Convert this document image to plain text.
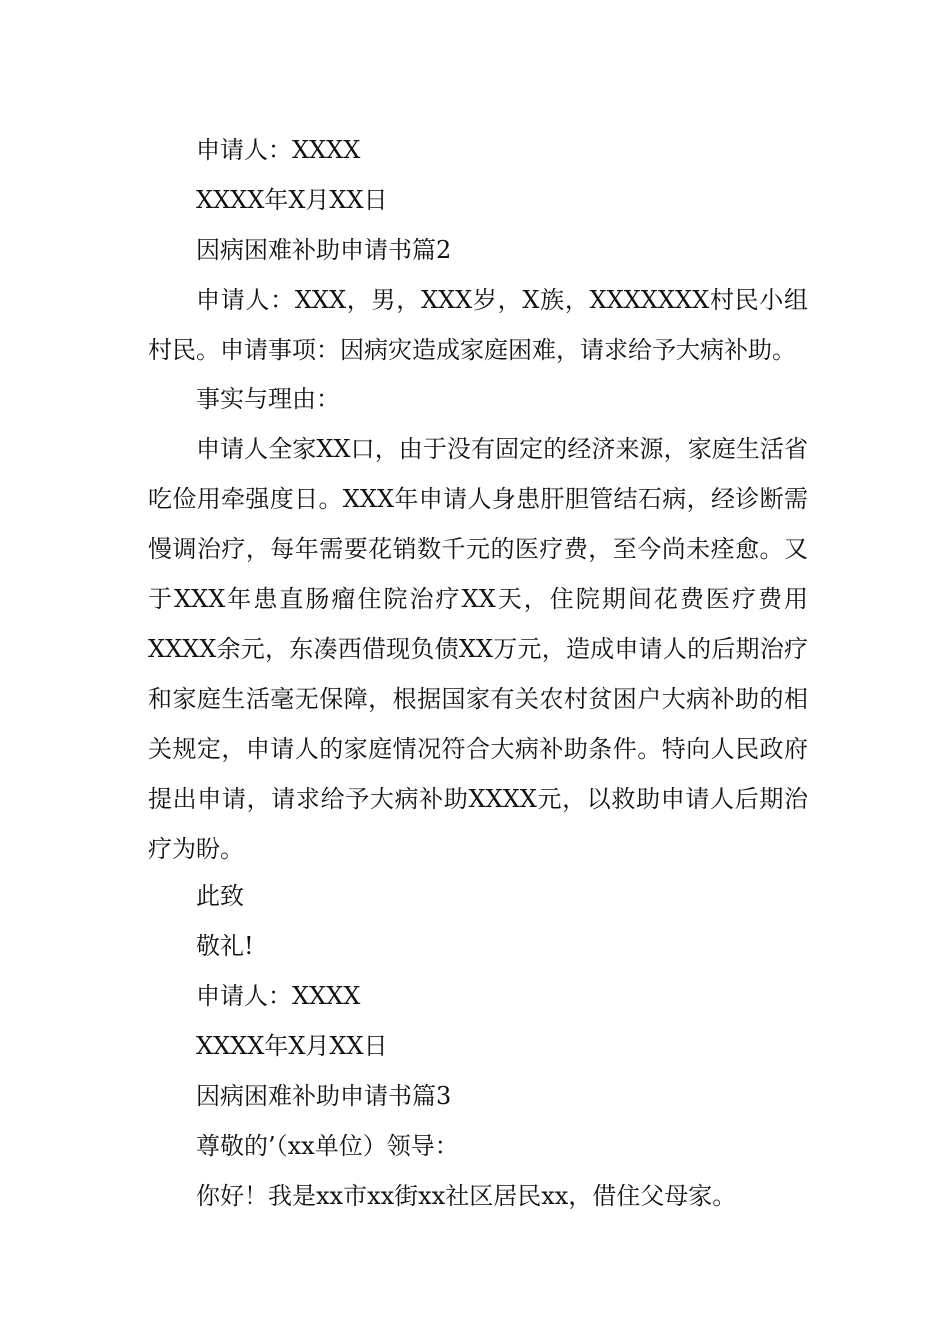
申请人：XXXX
XXXX年X月XX日
因病困难补助申请书篇2

申请人：XXX，男，XXX岁，X族，XXXXXXX村民小组村民。申请事项：因病灾造成家庭困难，请求给予大病补助。

事实与理由：

申请人全家XX口，由于没有固定的经济来源，家庭生活省吃俭用牵强度日。XXX年申请人身患肝胆管结石病，经诊断需慢调治疗，每年需要花销数千元的医疗费，至今尚未痊愈。又于XXX年患直肠瘤住院治疗XX天，住院期间花费医疗费用XXXX余元，东凑西借现负债XX万元，造成申请人的后期治疗和家庭生活毫无保障，根据国家有关农村贫困户大病补助的相关规定，申请人的家庭情况符合大病补助条件。特向人民政府提出申请，请求给予大病补助XXXX元，以救助申请人后期治疗为盼。

此致
敬礼!
申请人：XXXX
XXXX年X月XX日
因病困难补助申请书篇3
尊敬的’（xx单位）领导：
你好！我是xx市xx街xx社区居民xx，借住父母家。
